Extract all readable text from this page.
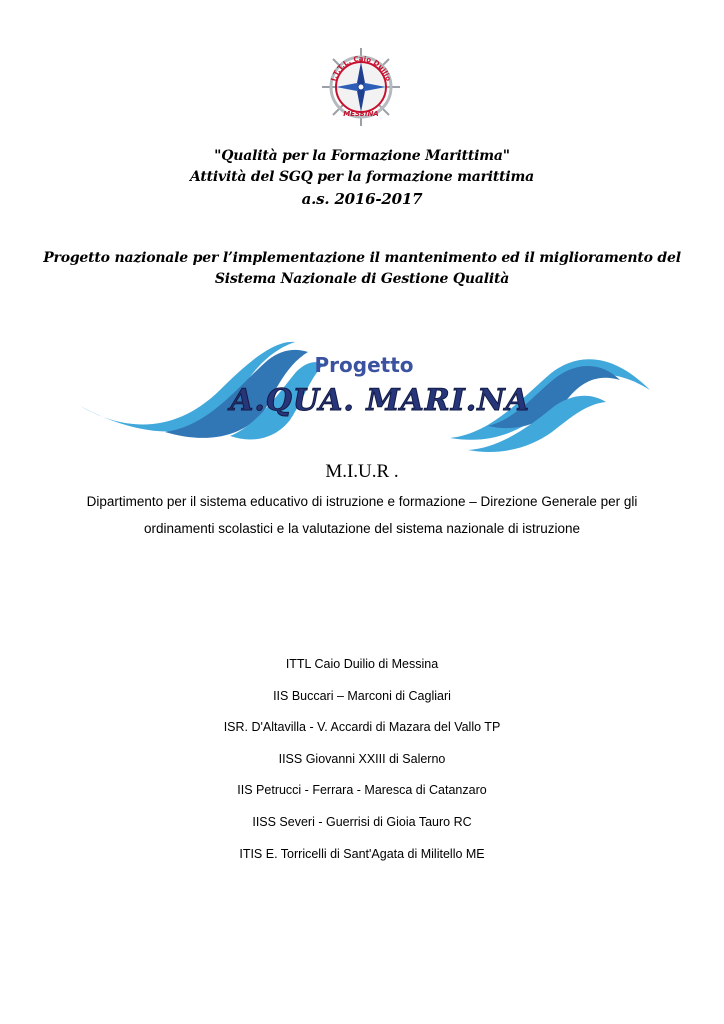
I.T.T.L. Caio Duilio
MESSINA
"Qualità per la Formazione Marittima"
Attività del SGQ per la formazione marittima
a.s. 2016-2017
Progetto nazionale per l’implementazione il mantenimento ed il miglioramento del
Sistema Nazionale di Gestione Qualità
Progetto
A.QUA. MARI.NA
M.I.U.R .
Dipartimento per il sistema educativo di istruzione e formazione – Direzione Generale per gli
ordinamenti scolastici e la valutazione del sistema nazionale di istruzione
ITTL Caio Duilio di Messina
IIS Buccari – Marconi di Cagliari
ISR. D'Altavilla - V. Accardi di Mazara del Vallo TP
IISS Giovanni XXIII di Salerno
IIS Petrucci - Ferrara - Maresca di Catanzaro
IISS Severi - Guerrisi di Gioia Tauro RC
ITIS E. Torricelli di Sant'Agata di Militello ME
